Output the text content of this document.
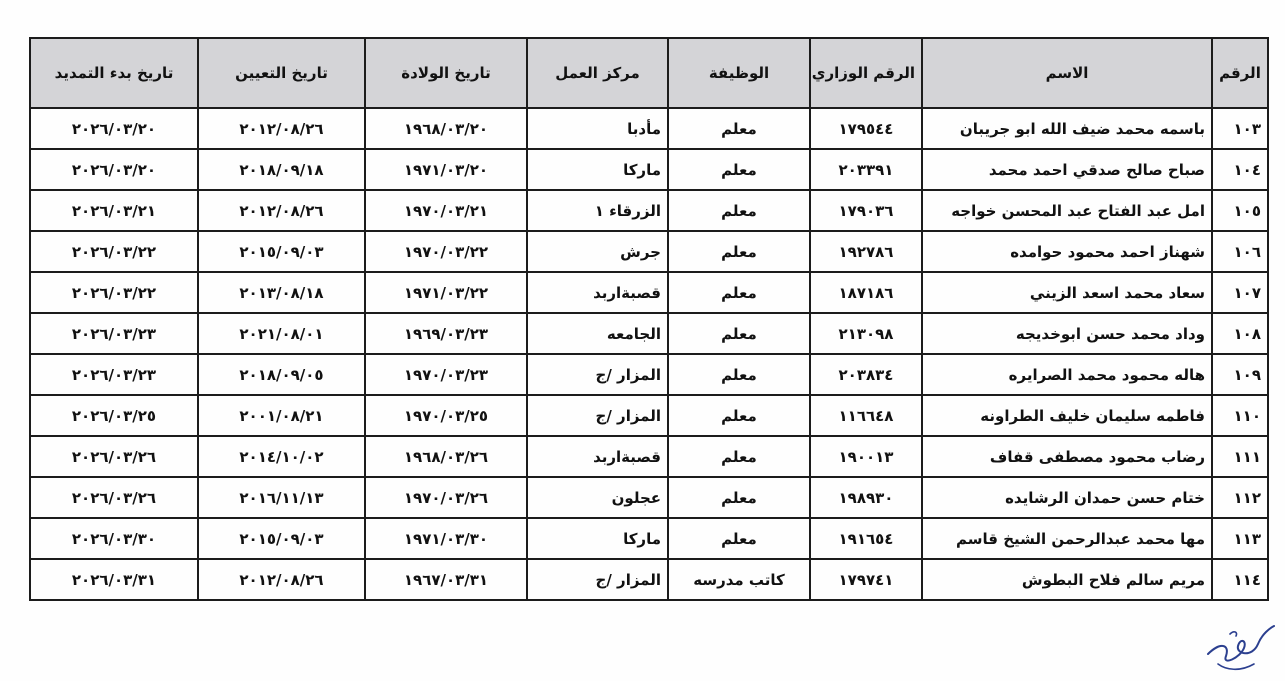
الرقم	الاسم	الرقم الوزاري	الوظيفة	مركز العمل	تاريخ الولادة	تاريخ التعيين	تاريخ بدء التمديد
١٠٣	باسمه محمد ضيف الله ابو جريبان	١٧٩٥٤٤	معلم	مأدبا	١٩٦٨/٠٣/٢٠	٢٠١٢/٠٨/٢٦	٢٠٢٦/٠٣/٢٠
١٠٤	صباح صالح صدقي احمد محمد	٢٠٣٣٩١	معلم	ماركا	١٩٧١/٠٣/٢٠	٢٠١٨/٠٩/١٨	٢٠٢٦/٠٣/٢٠
١٠٥	امل عبد الفتاح عبد المحسن خواجه	١٧٩٠٣٦	معلم	الزرقاء ١	١٩٧٠/٠٣/٢١	٢٠١٢/٠٨/٢٦	٢٠٢٦/٠٣/٢١
١٠٦	شهناز احمد محمود حوامده	١٩٢٧٨٦	معلم	جرش	١٩٧٠/٠٣/٢٢	٢٠١٥/٠٩/٠٣	٢٠٢٦/٠٣/٢٢
١٠٧	سعاد محمد اسعد الزيني	١٨٧١٨٦	معلم	قصبةاربد	١٩٧١/٠٣/٢٢	٢٠١٣/٠٨/١٨	٢٠٢٦/٠٣/٢٢
١٠٨	وداد محمد حسن ابوخديجه	٢١٣٠٩٨	معلم	الجامعه	١٩٦٩/٠٣/٢٣	٢٠٢١/٠٨/٠١	٢٠٢٦/٠٣/٢٣
١٠٩	هاله محمود محمد الصرايره	٢٠٣٨٣٤	معلم	المزار /ج	١٩٧٠/٠٣/٢٣	٢٠١٨/٠٩/٠٥	٢٠٢٦/٠٣/٢٣
١١٠	فاطمه سليمان خليف الطراونه	١١٦٦٤٨	معلم	المزار /ج	١٩٧٠/٠٣/٢٥	٢٠٠١/٠٨/٢١	٢٠٢٦/٠٣/٢٥
١١١	رضاب محمود مصطفى قفاف	١٩٠٠١٣	معلم	قصبةاربد	١٩٦٨/٠٣/٢٦	٢٠١٤/١٠/٠٢	٢٠٢٦/٠٣/٢٦
١١٢	ختام حسن حمدان الرشايده	١٩٨٩٣٠	معلم	عجلون	١٩٧٠/٠٣/٢٦	٢٠١٦/١١/١٣	٢٠٢٦/٠٣/٢٦
١١٣	مها محمد عبدالرحمن الشيخ قاسم	١٩١٦٥٤	معلم	ماركا	١٩٧١/٠٣/٣٠	٢٠١٥/٠٩/٠٣	٢٠٢٦/٠٣/٣٠
١١٤	مريم سالم فلاح البطوش	١٧٩٧٤١	كاتب مدرسه	المزار /ج	١٩٦٧/٠٣/٣١	٢٠١٢/٠٨/٢٦	٢٠٢٦/٠٣/٣١
